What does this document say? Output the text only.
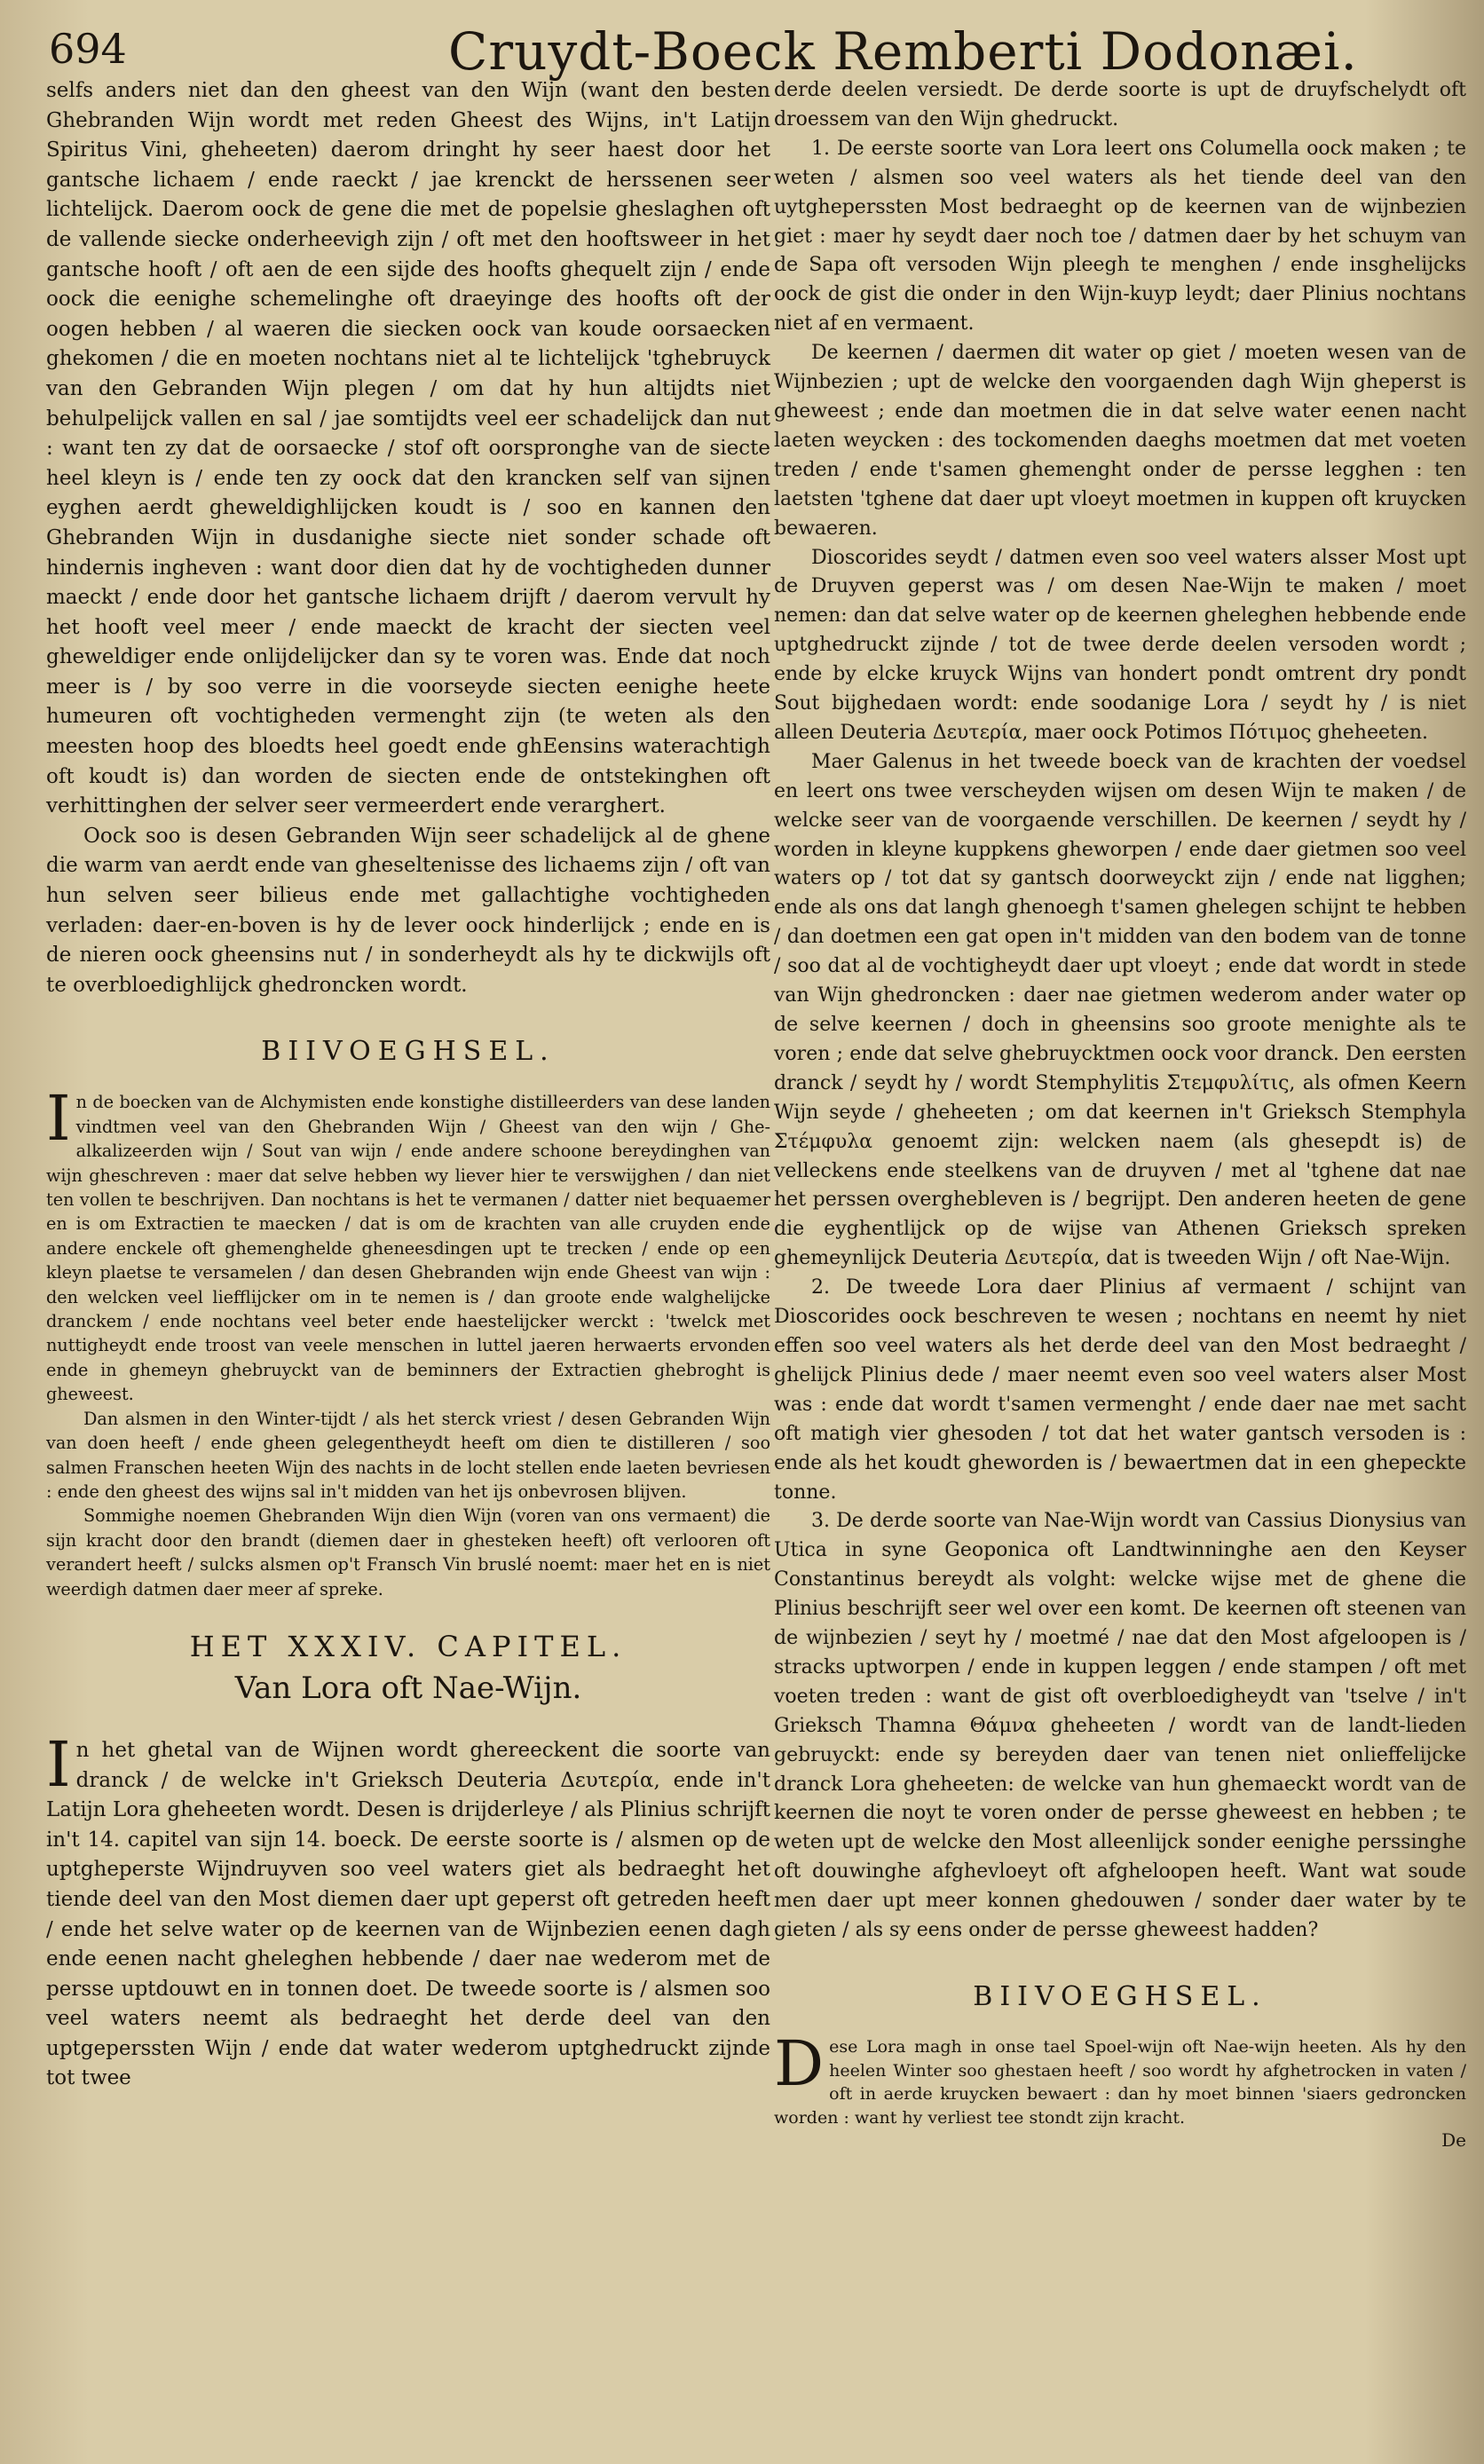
694	Cruydt-Boeck Remberti Dodonæi.

selfs anders niet dan den gheest van den Wijn (want den besten Ghebranden Wijn wordt met reden Gheest des Wijns, in't Latijn Spiritus Vini, gheheeten) daerom dringht hy seer haest door het gantsche lichaem / ende raeckt / jae krenckt de herssenen seer lichtelijck. Daerom oock de gene die met de popelsie gheslaghen oft de vallende siecke onderheevigh zijn / oft met den hooftsweer in het gantsche hooft / oft aen de een sijde des hoofts ghequelt zijn / ende oock die eenighe schemelinghe oft draeyinge des hoofts oft der oogen hebben / al waeren die siecken oock van koude oorsaecken ghekomen / die en moeten nochtans niet al te lichtelijck 'tghebruyck van den Gebranden Wijn plegen / om dat hy hun altijdts niet behulpelijck vallen en sal / jae somtijdts veel eer schadelijck dan nut : want ten zy dat de oorsaecke / stof oft oorspronghe van de siecte heel kleyn is / ende ten zy oock dat den krancken self van sijnen eyghen aerdt gheweldighlijcken koudt is / soo en kannen den Ghebranden Wijn in dusdanighe siecte niet sonder schade oft hindernis ingheven : want door dien dat hy de vochtigheden dunner maeckt / ende door het gantsche lichaem drijft / daerom vervult hy het hooft veel meer / ende maeckt de kracht der siecten veel gheweldiger ende onlijdelijcker dan sy te voren was. Ende dat noch meer is / by soo verre in die voorseyde siecten eenighe heete humeuren oft vochtigheden vermenght zijn (te weten als den meesten hoop des bloedts heel goedt ende ghEensins waterachtigh oft koudt is) dan worden de siecten ende de ontstekinghen oft verhittinghen der selver seer vermeerdert ende verarghert.

Oock soo is desen Gebranden Wijn seer schadelijck al de ghene die warm van aerdt ende van gheseltenisse des lichaems zijn / oft van hun selven seer bilieus ende met gallachtighe vochtigheden verladen: daer-en-boven is hy de lever oock hinderlijck ; ende en is de nieren oock gheensins nut / in sonderheydt als hy te dickwijls oft te overbloedighlijck ghedroncken wordt.

BIIVOEGHSEL.

In de boecken van de Alchymisten ende konstighe distilleerders van dese landen vindtmen veel van den Ghebranden Wijn / Gheest van den wijn / Ghe-alkalizeerden wijn / Sout van wijn / ende andere schoone bereydinghen van wijn gheschreven : maer dat selve hebben wy liever hier te verswijghen / dan niet ten vollen te beschrijven. Dan nochtans is het te vermanen / datter niet bequaemer en is om Extractien te maecken / dat is om de krachten van alle cruyden ende andere enckele oft ghemenghelde gheneesdingen upt te trecken / ende op een kleyn plaetse te versamelen / dan desen Ghebranden wijn ende Gheest van wijn : den welcken veel liefflijcker om in te nemen is / dan groote ende walghelijcke dranckem / ende nochtans veel beter ende haestelijcker werckt : 'twelck met nuttigheydt ende troost van veele menschen in luttel jaeren herwaerts ervonden ende in ghemeyn ghebruyckt van de beminners der Extractien ghebroght is gheweest.

Dan alsmen in den Winter-tijdt / als het sterck vriest / desen Gebranden Wijn van doen heeft / ende gheen gelegentheydt heeft om dien te distilleren / soo salmen Franschen heeten Wijn des nachts in de locht stellen ende laeten bevriesen : ende den gheest des wijns sal in't midden van het ijs onbevrosen blijven.

Sommighe noemen Ghebranden Wijn dien Wijn (voren van ons vermaent) die sijn kracht door den brandt (diemen daer in ghesteken heeft) oft verlooren oft verandert heeft / sulcks alsmen op't Fransch Vin bruslé noemt: maer het en is niet weerdigh datmen daer meer af spreke.

HET XXXIV. CAPITEL.
Van Lora oft Nae-Wijn.

In het ghetal van de Wijnen wordt ghereeckent die soorte van dranck / de welcke in't Grieksch Deuteria Δευτερία, ende in't Latijn Lora gheheeten wordt. Desen is drijderleye / als Plinius schrijft in't 14. capitel van sijn 14. boeck. De eerste soorte is / alsmen op de uptgheperste Wijndruyven soo veel waters giet als bedraeght het tiende deel van den Most diemen daer upt geperst oft getreden heeft / ende het selve water op de keernen van de Wijnbezien eenen dagh ende eenen nacht gheleghen hebbende / daer nae wederom met de persse uptdouwt en in tonnen doet. De tweede soorte is / alsmen soo veel waters neemt als bedraeght het derde deel van den uptgeperssten Wijn / ende dat water wederom uptghedruckt zijnde tot twee

derde deelen versiedt. De derde soorte is upt de druyfschelydt oft droessem van den Wijn ghedruckt.

1. De eerste soorte van Lora leert ons Columella oock maken ; te weten / alsmen soo veel waters als het tiende deel van den uytgheperssten Most bedraeght op de keernen van de wijnbezien giet : maer hy seydt daer noch toe / datmen daer by het schuym van de Sapa oft versoden Wijn pleegh te menghen / ende insghelijcks oock de gist die onder in den Wijn-kuyp leydt; daer Plinius nochtans niet af en vermaent.

De keernen / daermen dit water op giet / moeten wesen van de Wijnbezien ; upt de welcke den voorgaenden dagh Wijn gheperst is gheweest ; ende dan moetmen die in dat selve water eenen nacht laeten weycken : des tockomenden daeghs moetmen dat met voeten treden / ende t'samen ghemenght onder de persse legghen : ten laetsten 'tghene dat daer upt vloeyt moetmen in kuppen oft kruycken bewaeren.

Dioscorides seydt / datmen even soo veel waters alsser Most upt de Druyven geperst was / om desen Nae-Wijn te maken / moet nemen: dan dat selve water op de keernen gheleghen hebbende ende uptghedruckt zijnde / tot de twee derde deelen versoden wordt ; ende by elcke kruyck Wijns van hondert pondt omtrent dry pondt Sout bijghedaen wordt: ende soodanige Lora / seydt hy / is niet alleen Deuteria Δευτερία, maer oock Potimos Πότιμος gheheeten.

Maer Galenus in het tweede boeck van de krachten der voedsel en leert ons twee verscheyden wijsen om desen Wijn te maken / de welcke seer van de voorgaende verschillen. De keernen / seydt hy / worden in kleyne kuppkens gheworpen / ende daer gietmen soo veel waters op / tot dat sy gantsch doorweyckt zijn / ende nat ligghen; ende als ons dat langh ghenoegh t'samen ghelegen schijnt te hebben / dan doetmen een gat open in't midden van den bodem van de tonne / soo dat al de vochtigheydt daer upt vloeyt ; ende dat wordt in stede van Wijn ghedroncken : daer nae gietmen wederom ander water op de selve keernen / doch in gheensins soo groote menighte als te voren ; ende dat selve ghebruycktmen oock voor dranck. Den eersten dranck / seydt hy / wordt Stemphylitis Στεμφυλίτις, als ofmen Keern Wijn seyde / gheheeten ; om dat keernen in't Grieksch Stemphyla Στέμφυλα genoemt zijn: welcken naem (als ghesepdt is) de velleckens ende steelkens van de druyven / met al 'tghene dat nae het perssen overghebleven is / begrijpt. Den anderen heeten de gene die eyghentlijck op de wijse van Athenen Grieksch spreken ghemeynlijck Deuteria Δευτερία, dat is tweeden Wijn / oft Nae-Wijn.

2. De tweede Lora daer Plinius af vermaent / schijnt van Dioscorides oock beschreven te wesen ; nochtans en neemt hy niet effen soo veel waters als het derde deel van den Most bedraeght / ghelijck Plinius dede / maer neemt even soo veel waters alser Most was : ende dat wordt t'samen vermenght / ende daer nae met sacht oft matigh vier ghesoden / tot dat het water gantsch versoden is : ende als het koudt gheworden is / bewaertmen dat in een ghepeckte tonne.

3. De derde soorte van Nae-Wijn wordt van Cassius Dionysius van Utica in syne Geoponica oft Landtwinninghe aen den Keyser Constantinus bereydt als volght: welcke wijse met de ghene die Plinius beschrijft seer wel over een komt. De keernen oft steenen van de wijnbezien / seyt hy / moetmé / nae dat den Most afgeloopen is / stracks uptworpen / ende in kuppen leggen / ende stampen / oft met voeten treden : want de gist oft overbloedigheydt van 'tselve / in't Grieksch Thamna Θάμνα gheheeten / wordt van de landt-lieden gebruyckt: ende sy bereyden daer van tenen niet onlieffelijcke dranck Lora gheheeten: de welcke van hun ghemaeckt wordt van de keernen die noyt te voren onder de persse gheweest en hebben ; te weten upt de welcke den Most alleenlijck sonder eenighe perssinghe oft douwinghe afghevloeyt oft afgheloopen heeft. Want wat soude men daer upt meer konnen ghedouwen / sonder daer water by te gieten / als sy eens onder de persse gheweest hadden?

BIIVOEGHSEL.

Dese Lora magh in onse tael Spoel-wijn oft Nae-wijn heeten. Als hy den heelen Winter soo ghestaen heeft / soo wordt hy afghetrocken in vaten / oft in aerde kruycken bewaert : dan hy moet binnen 'siaers gedroncken worden : want hy verliest tee stondt zijn kracht.

De
